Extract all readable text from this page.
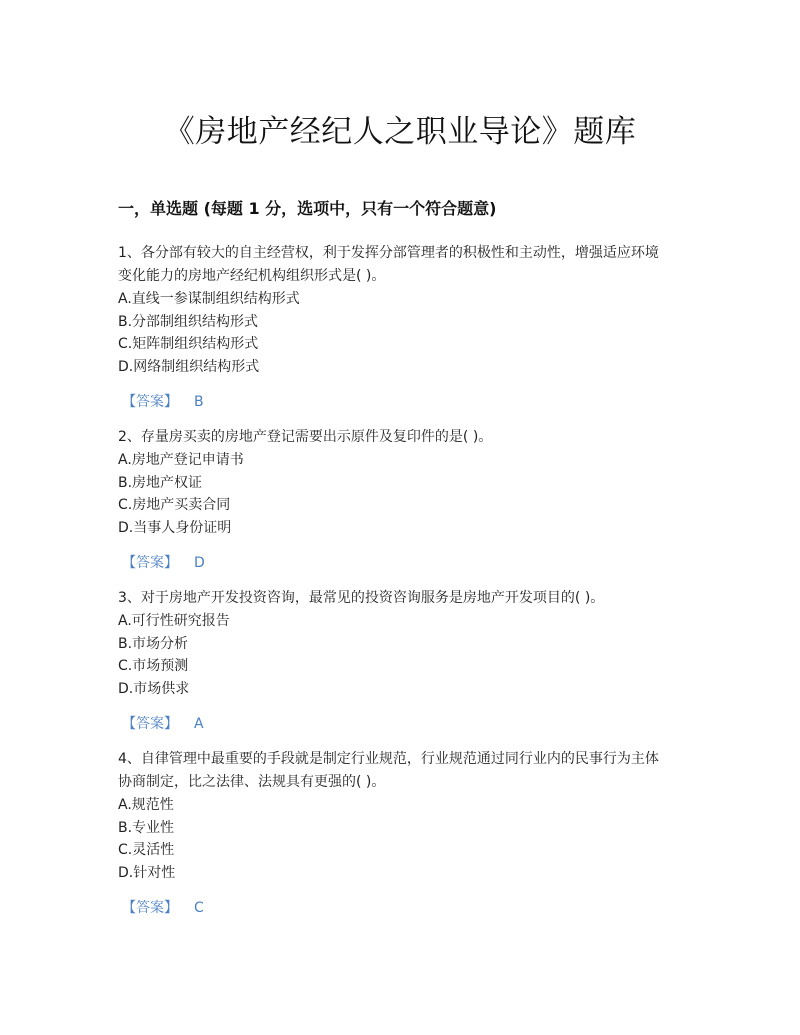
《房地产经纪人之职业导论》题库
一，单选题 (每题 1 分，选项中，只有一个符合题意)

1、各分部有较大的自主经营权，利于发挥分部管理者的积极性和主动性，增强适应环境

变化能力的房地产经纪机构组织形式是( )。

A.直线一参谋制组织结构形式

B.分部制组织结构形式

C.矩阵制组织结构形式

D.网络制组织结构形式

【答案】 B

2、存量房买卖的房地产登记需要出示原件及复印件的是( )。

A.房地产登记申请书

B.房地产权证

C.房地产买卖合同

D.当事人身份证明

【答案】 D

3、对于房地产开发投资咨询，最常见的投资咨询服务是房地产开发项目的( )。

A.可行性研究报告

B.市场分析

C.市场预测

D.市场供求

【答案】 A

4、自律管理中最重要的手段就是制定行业规范，行业规范通过同行业内的民事行为主体

协商制定，比之法律、法规具有更强的( )。

A.规范性

B.专业性

C.灵活性

D.针对性

【答案】 C
